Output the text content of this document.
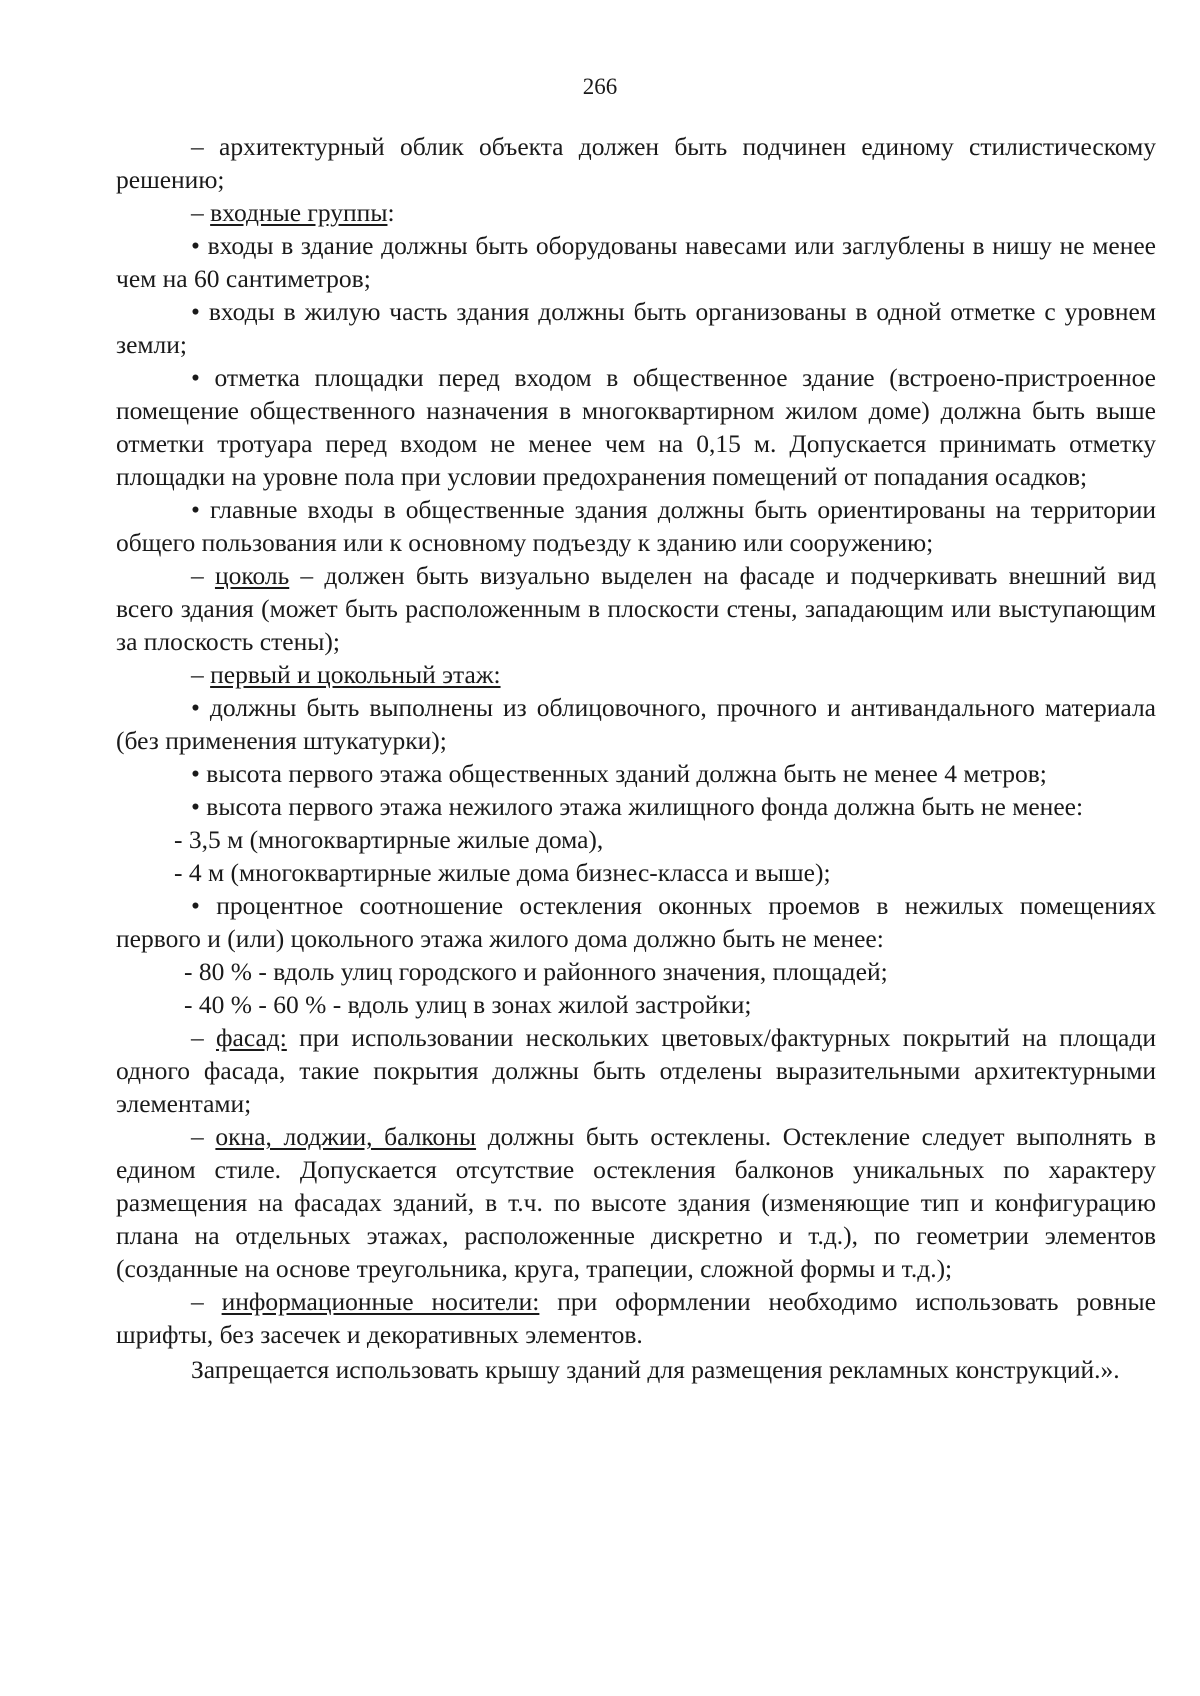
266

– архитектурный облик объекта должен быть подчинен единому стилистическому решению;

– входные группы:

• входы в здание должны быть оборудованы навесами или заглублены в нишу не менее чем на 60 сантиметров;

• входы в жилую часть здания должны быть организованы в одной отметке с уровнем земли;

• отметка площадки перед входом в общественное здание (встроено-пристроенное помещение общественного назначения в многоквартирном жилом доме) должна быть выше отметки тротуара перед входом не менее чем на 0,15 м. Допускается принимать отметку площадки на уровне пола при условии предохранения помещений от попадания осадков;

• главные входы в общественные здания должны быть ориентированы на территории общего пользования или к основному подъезду к зданию или сооружению;

– цоколь – должен быть визуально выделен на фасаде и подчеркивать внешний вид всего здания (может быть расположенным в плоскости стены, западающим или выступающим за плоскость стены);

– первый и цокольный этаж:

• должны быть выполнены из облицовочного, прочного и антивандального материала (без применения штукатурки);

• высота первого этажа общественных зданий должна быть не менее 4 метров;

• высота первого этажа нежилого этажа жилищного фонда должна быть не менее:

- 3,5 м (многоквартирные жилые дома),

- 4 м (многоквартирные жилые дома бизнес-класса и выше);

• процентное соотношение остекления оконных проемов в нежилых помещениях первого и (или) цокольного этажа жилого дома должно быть не менее:

- 80 % - вдоль улиц городского и районного значения, площадей;

- 40 % - 60 % - вдоль улиц в зонах жилой застройки;

– фасад: при использовании нескольких цветовых/фактурных покрытий на площади одного фасада, такие покрытия должны быть отделены выразительными архитектурными элементами;

– окна, лоджии, балконы должны быть остеклены. Остекление следует выполнять в едином стиле. Допускается отсутствие остекления балконов уникальных по характеру размещения на фасадах зданий, в т.ч. по высоте здания (изменяющие тип и конфигурацию плана на отдельных этажах, расположенные дискретно и т.д.), по геометрии элементов (созданные на основе треугольника, круга, трапеции, сложной формы и т.д.);

– информационные носители: при оформлении необходимо использовать ровные шрифты, без засечек и декоративных элементов.

Запрещается использовать крышу зданий для размещения рекламных конструкций.».
